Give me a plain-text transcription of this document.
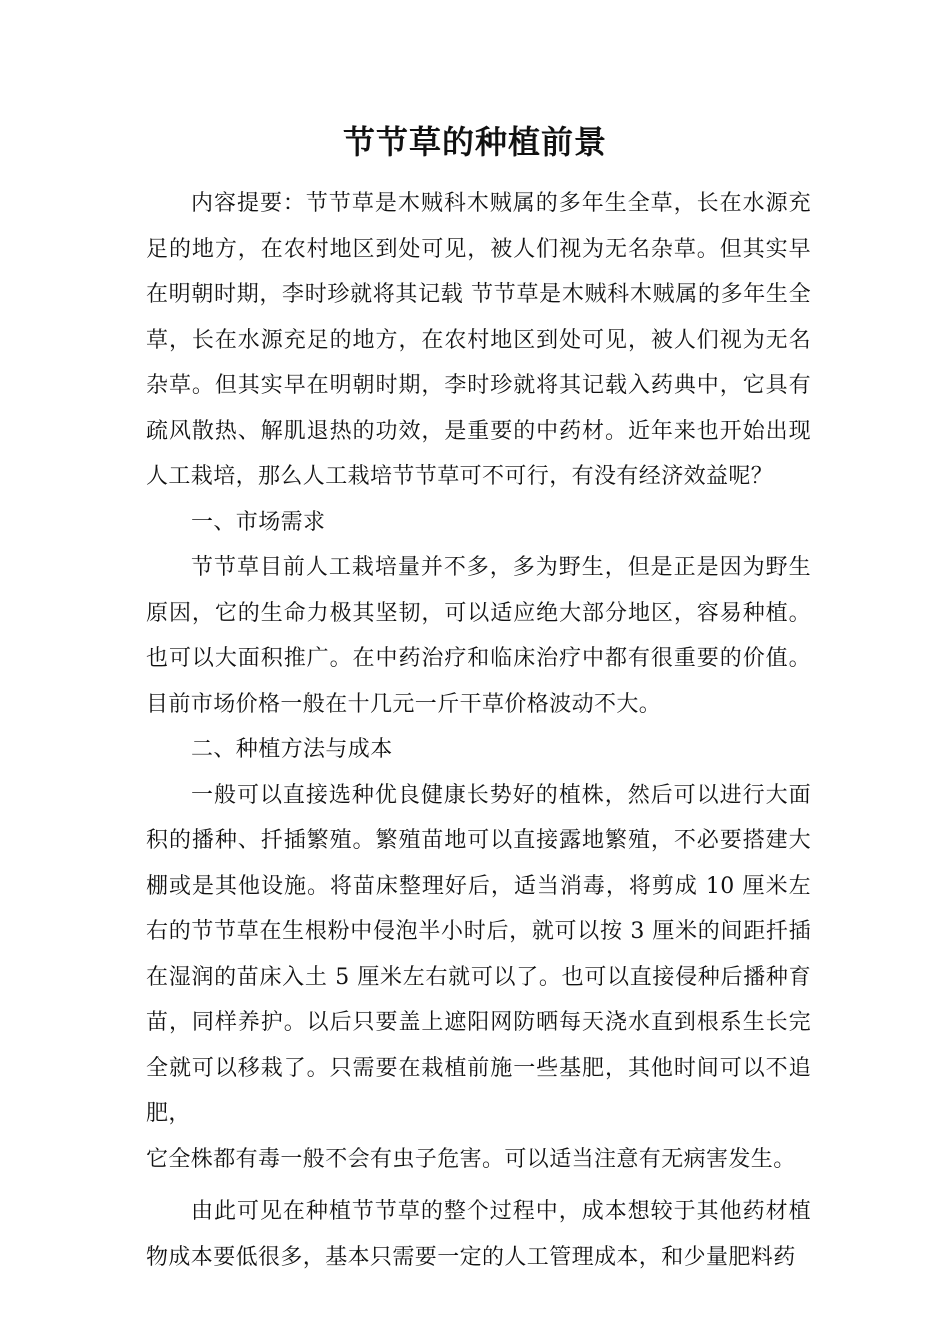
节节草的种植前景

内容提要：节节草是木贼科木贼属的多年生全草，长在水源充足的地方，在农村地区到处可见，被人们视为无名杂草。但其实早在明朝时期，李时珍就将其记载 节节草是木贼科木贼属的多年生全草，长在水源充足的地方，在农村地区到处可见，被人们视为无名杂草。但其实早在明朝时期，李时珍就将其记载入药典中，它具有疏风散热、解肌退热的功效，是重要的中药材。近年来也开始出现人工栽培，那么人工栽培节节草可不可行，有没有经济效益呢？

一、市场需求

节节草目前人工栽培量并不多，多为野生，但是正是因为野生原因，它的生命力极其坚韧，可以适应绝大部分地区，容易种植。也可以大面积推广。在中药治疗和临床治疗中都有很重要的价值。目前市场价格一般在十几元一斤干草价格波动不大。

二、种植方法与成本

一般可以直接选种优良健康长势好的植株，然后可以进行大面积的播种、扦插繁殖。繁殖苗地可以直接露地繁殖，不必要搭建大棚或是其他设施。将苗床整理好后，适当消毒，将剪成 10 厘米左右的节节草在生根粉中侵泡半小时后，就可以按 3 厘米的间距扦插在湿润的苗床入土 5 厘米左右就可以了。也可以直接侵种后播种育苗，同样养护。以后只要盖上遮阳网防晒每天浇水直到根系生长完全就可以移栽了。只需要在栽植前施一些基肥，其他时间可以不追肥，

它全株都有毒一般不会有虫子危害。可以适当注意有无病害发生。

由此可见在种植节节草的整个过程中，成本想较于其他药材植物成本要低很多，基本只需要一定的人工管理成本，和少量肥料药
